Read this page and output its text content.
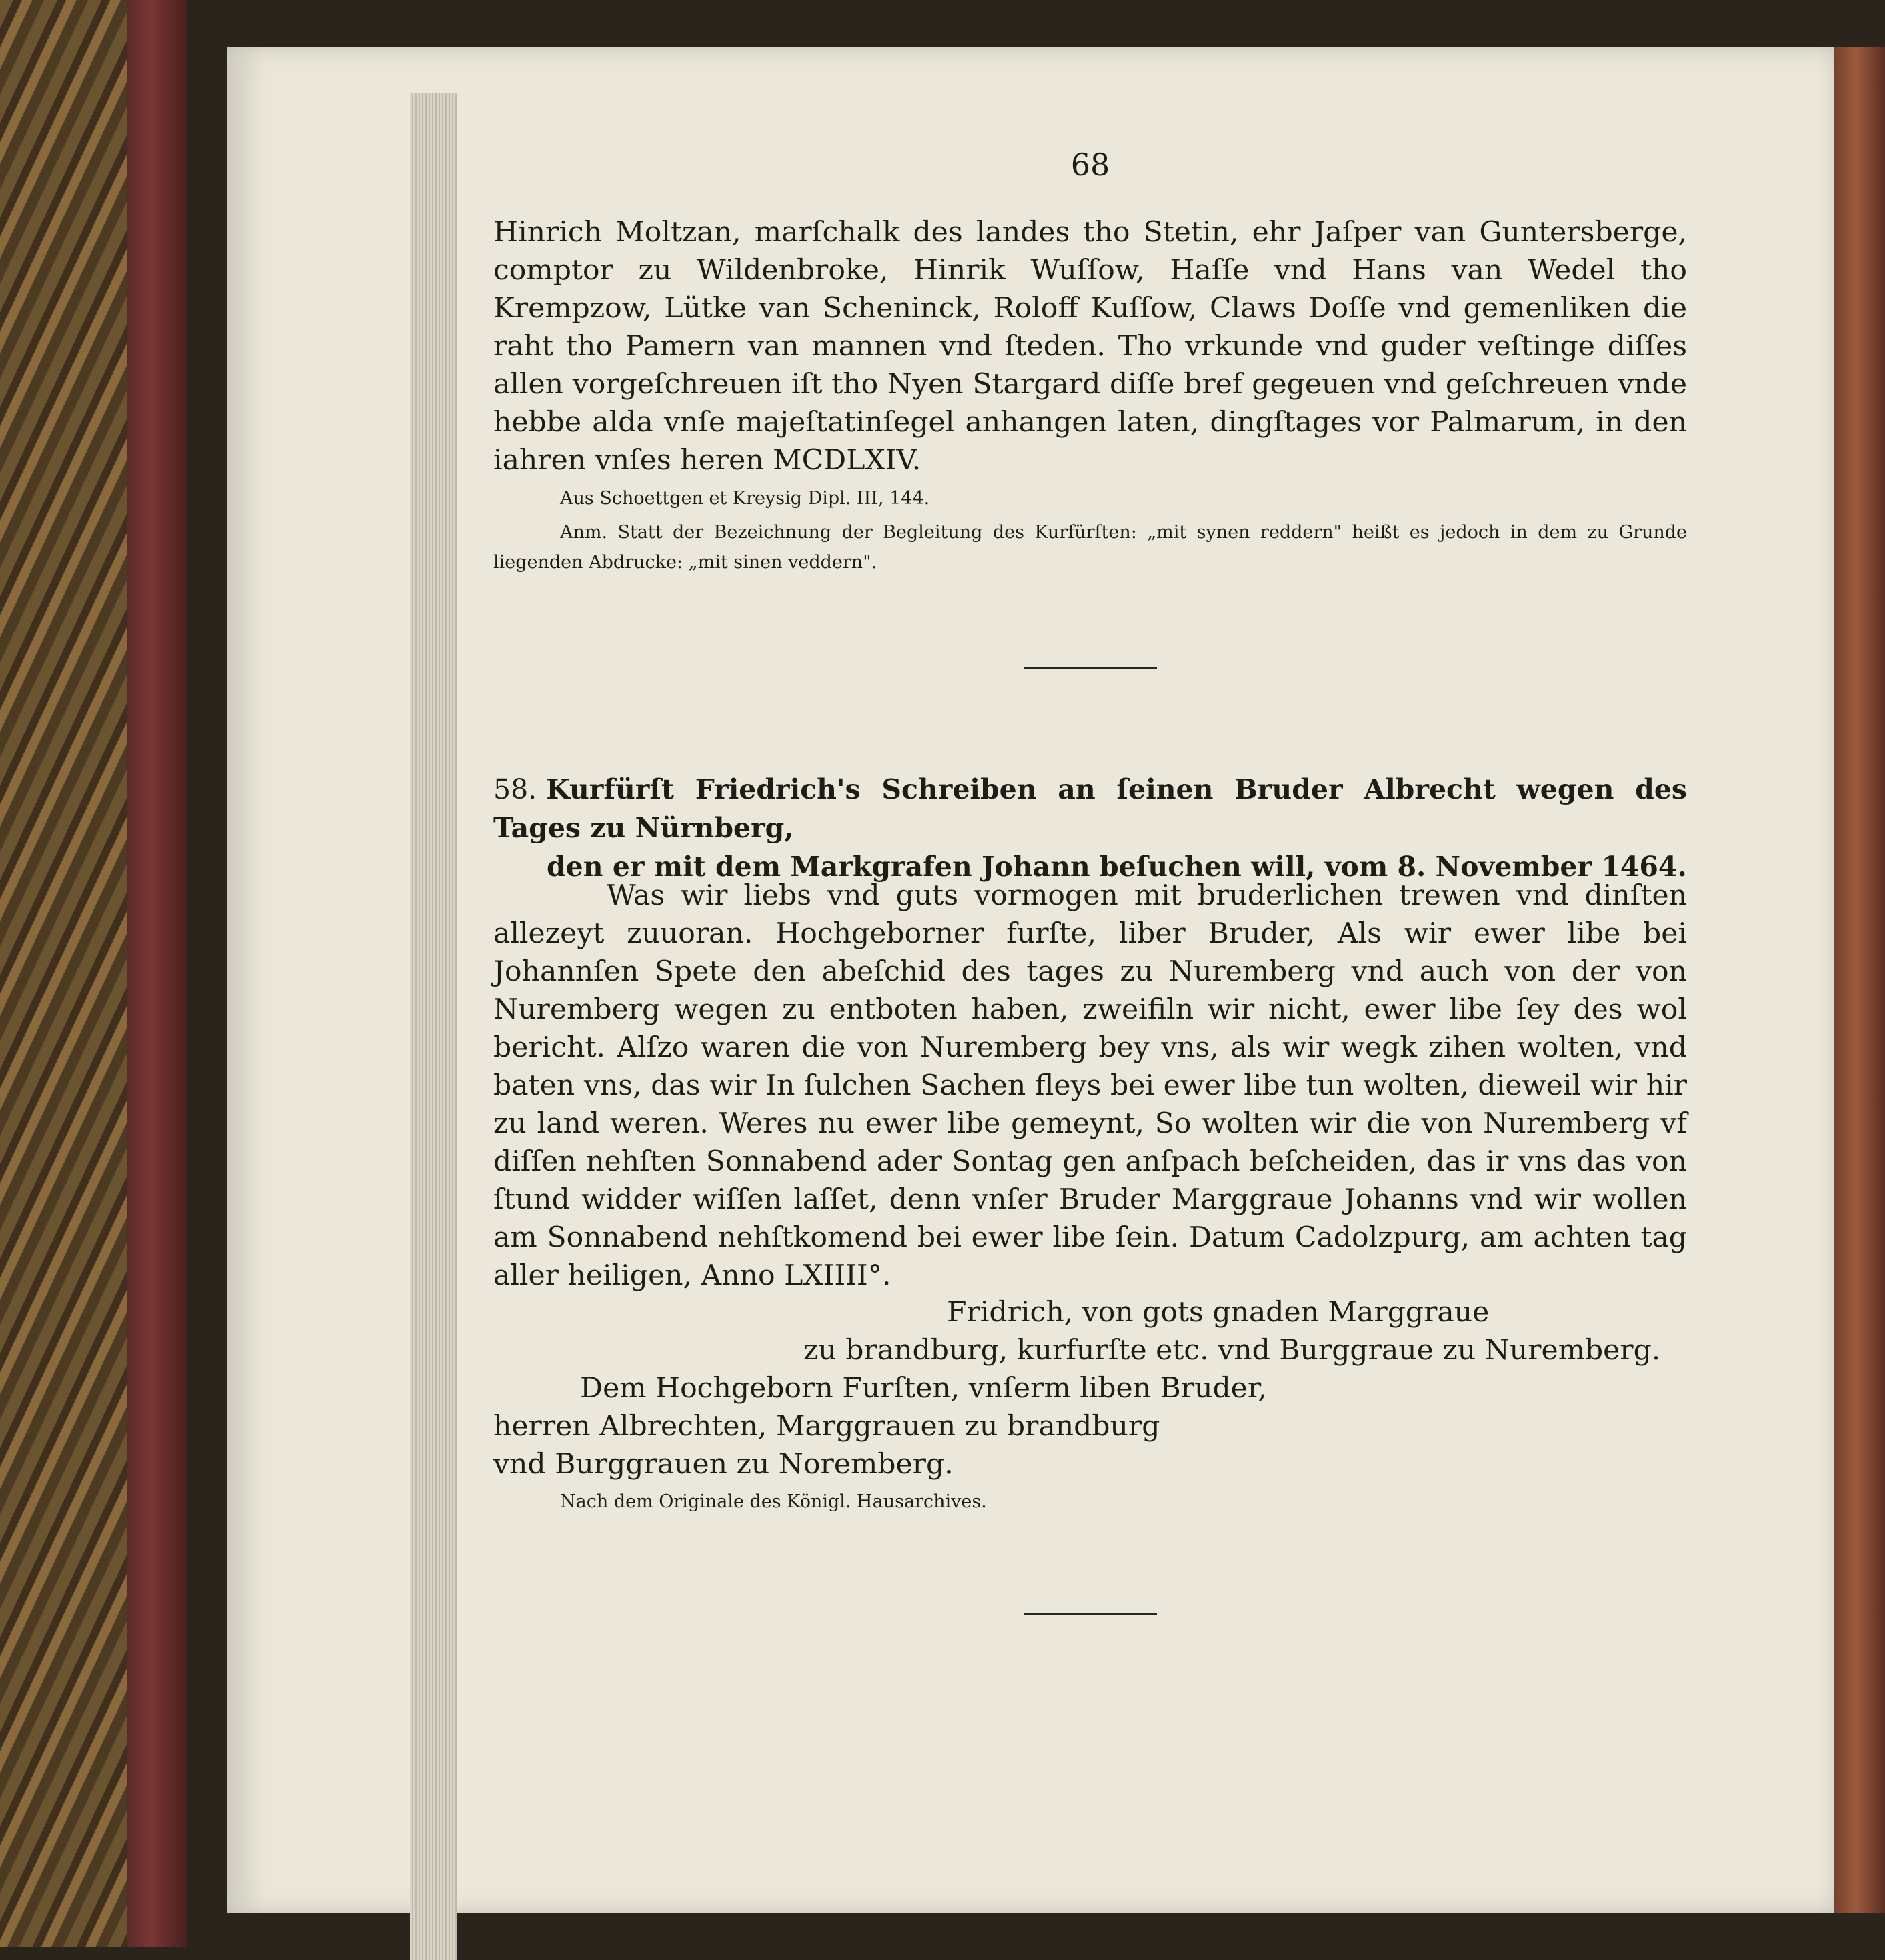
68

Hinrich Moltzan, marſchalk des landes tho Stetin, ehr Jaſper van Guntersberge, comptor zu Wildenbroke, Hinrik Wuſſow, Haſſe vnd Hans van Wedel tho Krempzow, Lütke van Scheninck, Roloff Kuſſow, Claws Doſſe vnd gemenliken die raht tho Pamern van mannen vnd ſteden. Tho vrkunde vnd guder veſtinge diſſes allen vorgeſchreuen iſt tho Nyen Stargard diſſe bref gegeuen vnd geſchreuen vnde hebbe alda vnſe majeſtatinſegel anhangen laten, dingſtages vor Palmarum, in den iahren vnſes heren MCDLXIV.

Aus Schoettgen et Kreysig Dipl. III, 144.

Anm. Statt der Bezeichnung der Begleitung des Kurfürſten: „mit synen reddern" heißt es jedoch in dem zu Grunde liegenden Abdrucke: „mit sinen veddern".

58. Kurfürſt Friedrich's Schreiben an ſeinen Bruder Albrecht wegen des Tages zu Nürnberg,
den er mit dem Markgrafen Johann beſuchen will, vom 8. November 1464.

Was wir liebs vnd guts vormogen mit bruderlichen trewen vnd dinſten allezeyt zuuoran. Hochgeborner furſte, liber Bruder, Als wir ewer libe bei Johannſen Spete den abeſchid des tages zu Nuremberg vnd auch von der von Nuremberg wegen zu entboten haben, zweifiln wir nicht, ewer libe ſey des wol bericht. Alſzo waren die von Nuremberg bey vns, als wir wegk zihen wolten, vnd baten vns, das wir In ſulchen Sachen fleys bei ewer libe tun wolten, dieweil wir hir zu land weren. Weres nu ewer libe gemeynt, So wolten wir die von Nuremberg vf diſſen nehſten Sonnabend ader Sontag gen anſpach beſcheiden, das ir vns das von ſtund widder wiſſen laſſet, denn vnſer Bruder Marggraue Johanns vnd wir wollen am Sonnabend nehſtkomend bei ewer libe ſein. Datum Cadolzpurg, am achten tag aller heiligen, Anno LXIIII°.

Fridrich, von gots gnaden Marggraue

zu brandburg, kurfurſte etc. vnd Burggraue zu Nuremberg.

Dem Hochgeborn Furſten, vnſerm liben Bruder,

herren Albrechten, Marggrauen zu brandburg

vnd Burggrauen zu Noremberg.

Nach dem Originale des Königl. Hausarchives.
